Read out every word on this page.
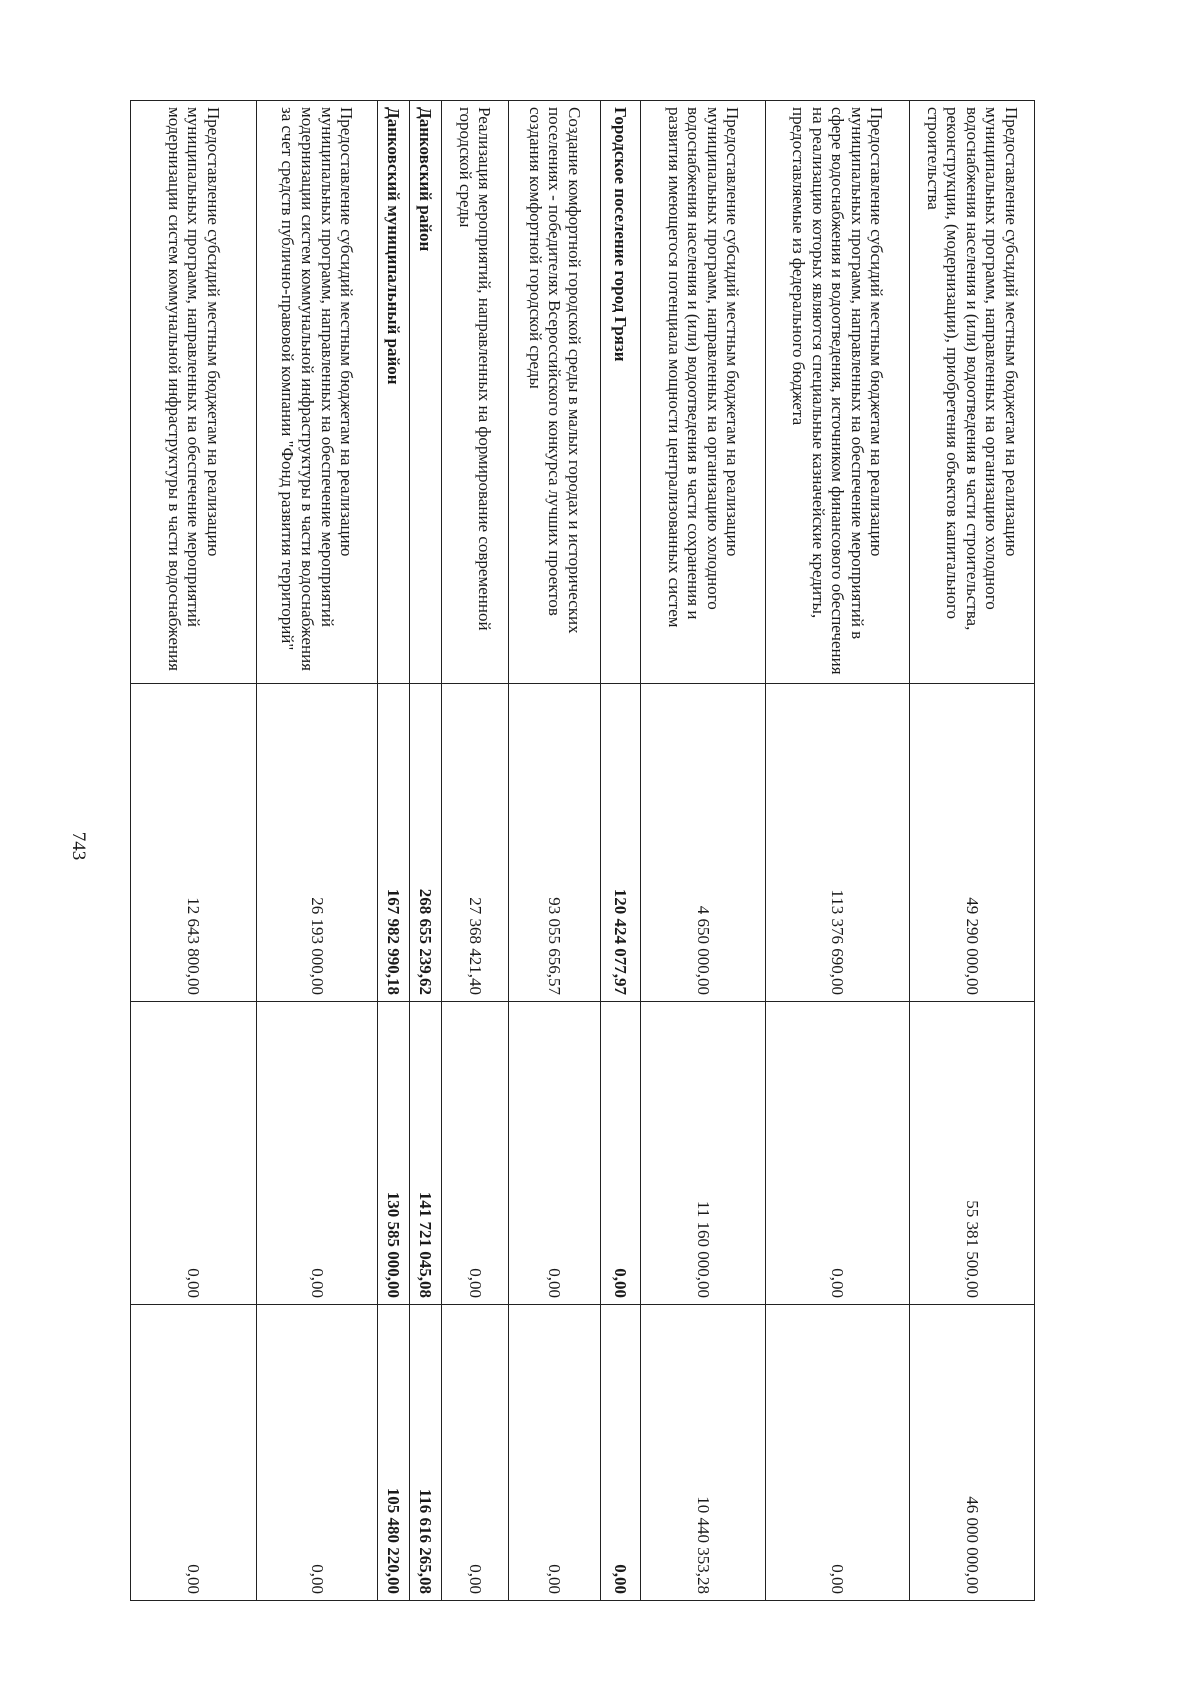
743
Предоставление субсидий местным бюджетам на реализацию муниципальных программ, направленных на организацию холодного водоснабжения населения и (или) водоотведения в части строительства, реконструкции, (модернизации), приобретения объектов капитального строительства	49 290 000,00	55 381 500,00	46 000 000,00
Предоставление субсидий местным бюджетам на реализацию муниципальных программ, направленных на обеспечение мероприятий в сфере водоснабжения и водоотведения, источником финансового обеспечения на реализацию которых являются специальные казначейские кредиты, предоставляемые из федерального бюджета	113 376 690,00	0,00	0,00
Предоставление субсидий местным бюджетам на реализацию муниципальных программ, направленных на организацию холодного водоснабжения населения и (или) водоотведения в части сохранения и развития имеющегося потенциала мощности централизованных систем	4 650 000,00	11 160 000,00	10 440 353,28
Городское поселение город Грязи	120 424 077,97	0,00	0,00
Создание комфортной городской среды в малых городах и исторических поселениях - победителях Всероссийского конкурса лучших проектов создания комфортной городской среды	93 055 656,57	0,00	0,00
Реализация мероприятий, направленных на формирование современной городской среды	27 368 421,40	0,00	0,00
Данковский район	268 655 239,62	141 721 045,08	116 616 265,08
Данковский муниципальный район	167 982 990,18	130 585 000,00	105 480 220,00
Предоставление субсидий местным бюджетам на реализацию муниципальных программ, направленных на обеспечение мероприятий модернизации систем коммунальной инфраструктуры в части водоснабжения за счет средств публично-правовой компании "Фонд развития территорий"	26 193 000,00	0,00	0,00
Предоставление субсидий местным бюджетам на реализацию муниципальных программ, направленных на обеспечение мероприятий модернизации систем коммунальной инфраструктуры в части водоснабжения	12 643 800,00	0,00	0,00
